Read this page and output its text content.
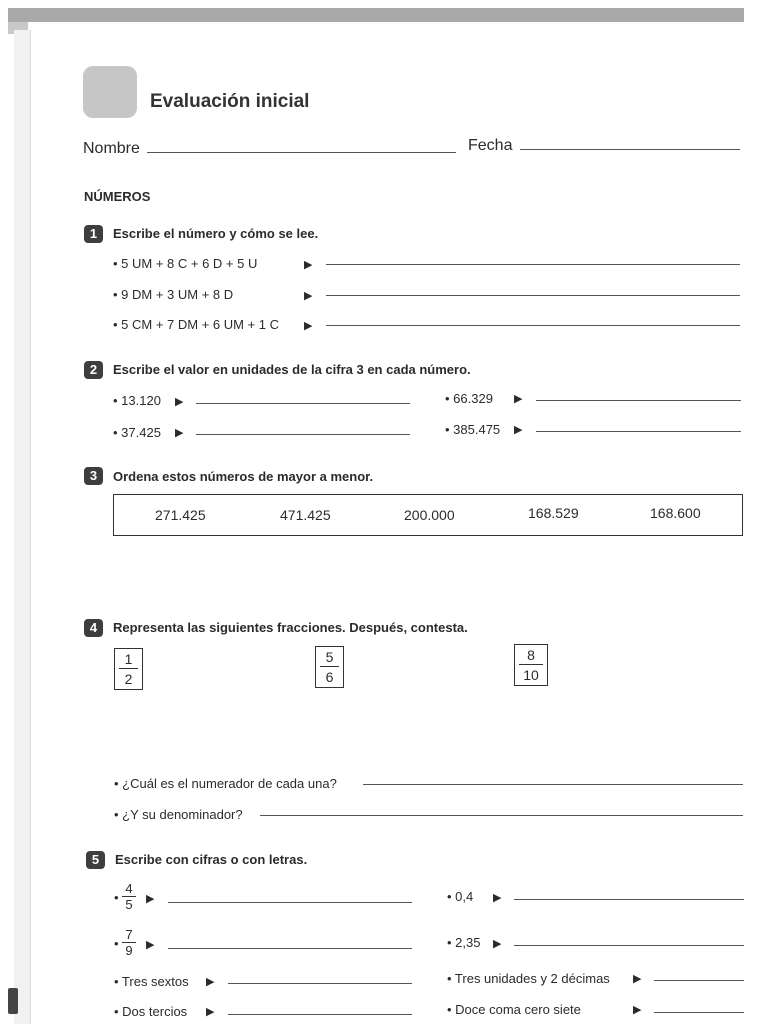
Evaluación inicial
Nombre	Fecha
NÚMEROS
1	Escribe el número y cómo se lee.
• 5 UM + 8 C + 6 D + 5 U	▶
• 9 DM + 3 UM + 8 D	▶
• 5 CM + 7 DM + 6 UM + 1 C ▶
2	Escribe el valor en unidades de la cifra 3 en cada número.
• 13.120 ▶	• 66.329 ▶
• 37.425 ▶	• 385.475 ▶
3	Ordena estos números de mayor a menor.
271.425	471.425	200.000	168.529	168.600
4	Representa las siguientes fracciones. Después, contesta.
$\frac{1}{2}$	$\frac{5}{6}$	$\frac{8}{10}$
• ¿Cuál es el numerador de cada una?
• ¿Y su denominador?
5	Escribe con cifras o con letras.
• $\frac{4}{5}$ ▶	• 0,4 ▶
• $\frac{7}{9}$ ▶	• 2,35 ▶
• Tres sextos ▶	• Tres unidades y 2 décimas ▶
• Dos tercios ▶	• Doce coma cero siete	▶
